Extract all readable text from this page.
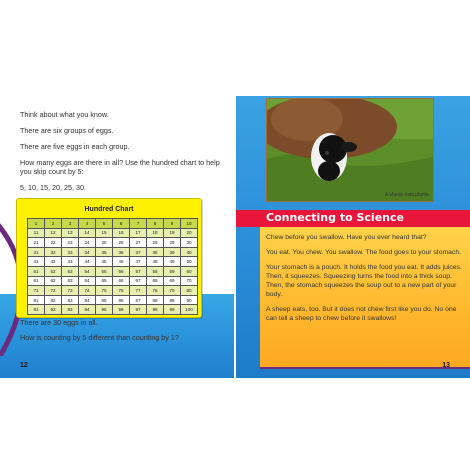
Think about what you know.

There are six groups of eggs.

There are five eggs in each group.

How many eggs are there in all? Use the hundred chart to help you skip count by 5:

5, 10, 15, 20, 25, 30.

Hundred Chart
1	2	3	4	5	6	7	8	9	10
11	12	13	14	15	16	17	18	19	20
21	22	23	24	25	26	27	28	29	30
31	32	33	34	35	36	37	38	39	40
41	42	43	44	45	46	47	48	49	50
51	52	53	54	55	56	57	58	59	60
61	62	63	64	65	66	67	68	69	70
71	72	73	74	75	76	77	78	79	80
81	82	83	84	85	86	87	88	89	90
91	92	93	94	95	96	97	98	99	100

There are 30 eggs in all.

How is counting by 5 different than counting by 1?

12
A sheep eats plants.
Connecting to Science

Chew before you swallow. Have you ever heard that?

You eat. You chew. You swallow. The food goes to your stomach.

Your stomach is a pouch. It holds the food you eat. It adds juices. Then, it squeezes. Squeezing turns the food into a thick soup. Then, the stomach squeezes the soup out to a new part of your body.

A sheep eats, too. But it does not chew first like you do. No one can tell a sheep to chew before it swallows!

13
